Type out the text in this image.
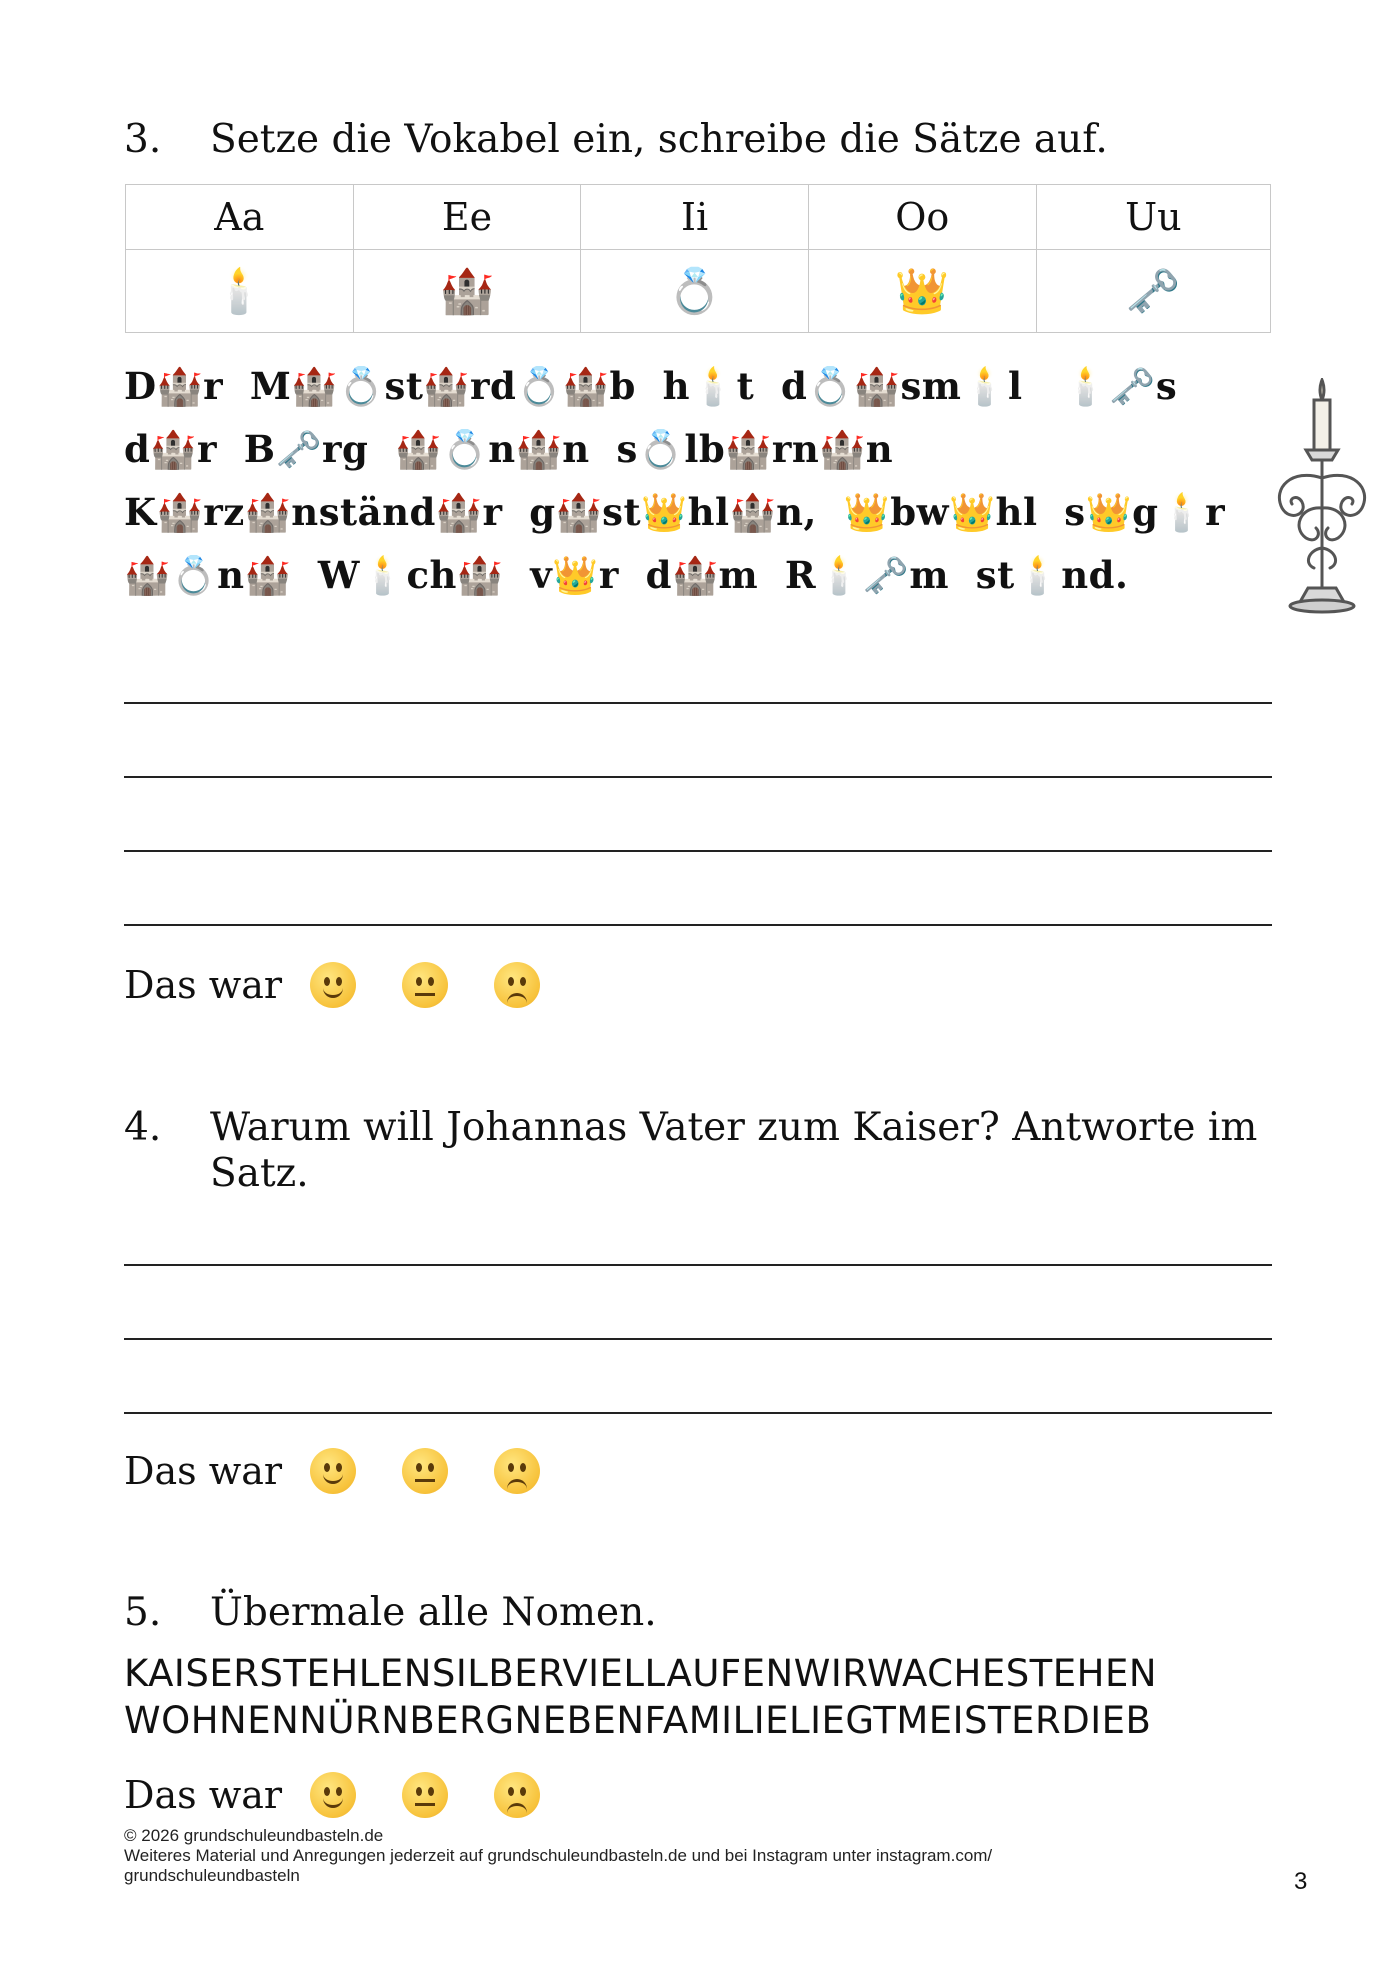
3.	Setze die Vokabel ein, schreibe die Sätze auf.
Aa	Ee	Ii	Oo	Uu
🕯️	🏰	💍	👑	🗝️
D🏰r  M🏰💍st🏰rd💍🏰b  h🕯️t  d💍🏰sm🕯️l   🕯️🗝️s
d🏰r  B🗝️rg  🏰💍n🏰n  s💍lb🏰rn🏰n
K🏰rz🏰nständ🏰r  g🏰st👑hl🏰n,  👑bw👑hl  s👑g🕯️r
🏰💍n🏰  W🕯️ch🏰  v👑r  d🏰m  R🕯️🗝️m  st🕯️nd.
Das war
4.	Warum will Johannas Vater zum Kaiser? Antworte im
Satz.
Das war
5.	Übermale alle Nomen.
KAISERSTEHLENSILBERVIELLAUFENWIRWACHESTEHEN
WOHNENNÜRNBERGNEBENFAMILIELIEGTMEISTERDIEB
Das war
© 2026 grundschuleundbasteln.de
Weiteres Material und Anregungen jederzeit auf grundschuleundbasteln.de und bei Instagram unter instagram.com/
grundschuleundbasteln	3
